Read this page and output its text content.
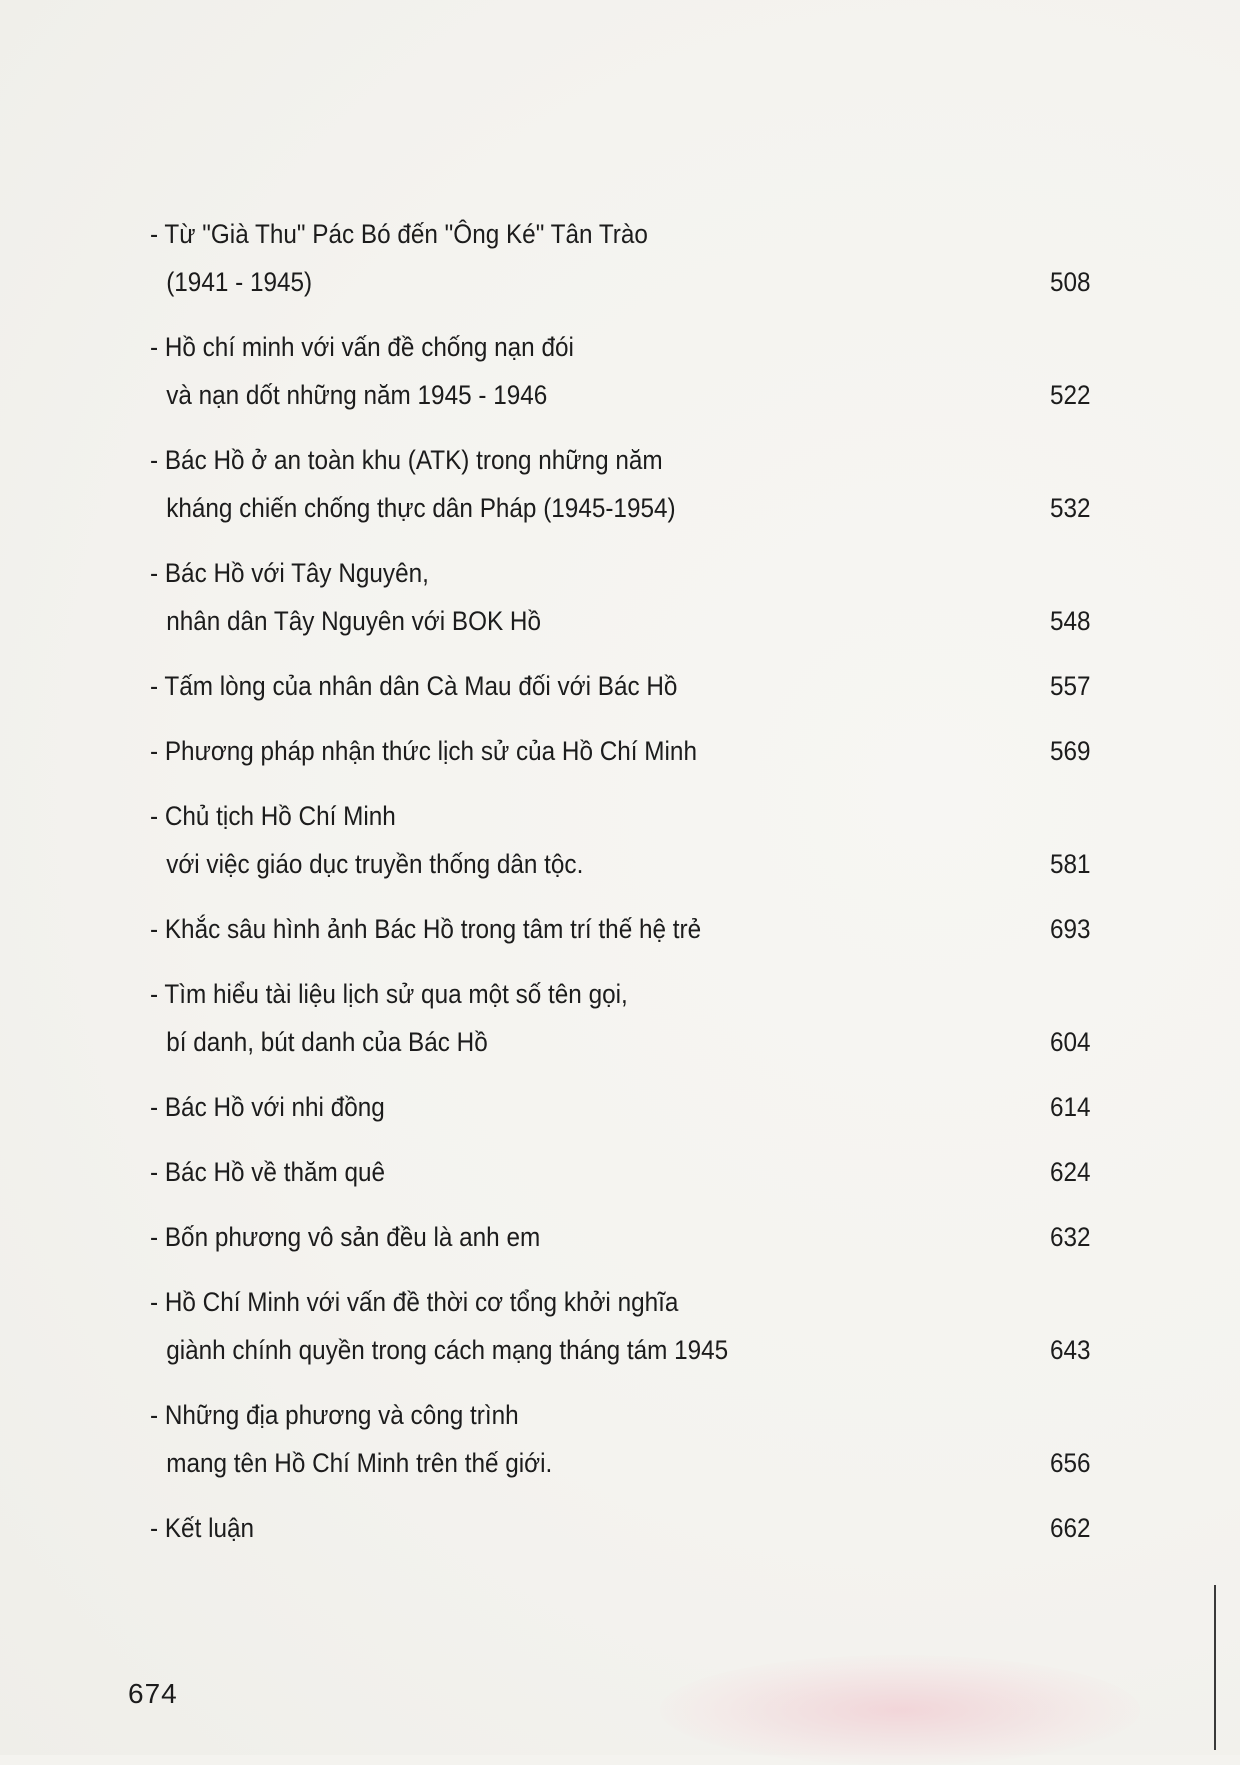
- Từ "Già Thu" Pác Bó đến "Ông Ké" Tân Trào
(1941 - 1945)	508
- Hồ chí minh với vấn đề chống nạn đói
và nạn dốt những năm 1945 - 1946	522
- Bác Hồ ở an toàn khu (ATK) trong những năm
kháng chiến chống thực dân Pháp (1945-1954)	532
- Bác Hồ với Tây Nguyên,
nhân dân Tây Nguyên với BOK Hồ	548
- Tấm lòng của nhân dân Cà Mau đối với Bác Hồ	557
- Phương pháp nhận thức lịch sử của Hồ Chí Minh	569
- Chủ tịch Hồ Chí Minh
với việc giáo dục truyền thống dân tộc.	581
- Khắc sâu hình ảnh Bác Hồ trong tâm trí thế hệ trẻ	693
- Tìm hiểu tài liệu lịch sử qua một số tên gọi,
bí danh, bút danh của Bác Hồ	604
- Bác Hồ với nhi đồng	614
- Bác Hồ về thăm quê	624
- Bốn phương vô sản đều là anh em	632
- Hồ Chí Minh với vấn đề thời cơ tổng khởi nghĩa
giành chính quyền trong cách mạng tháng tám 1945	643
- Những địa phương và công trình
mang tên Hồ Chí Minh trên thế giới.	656
- Kết luận	662
674
